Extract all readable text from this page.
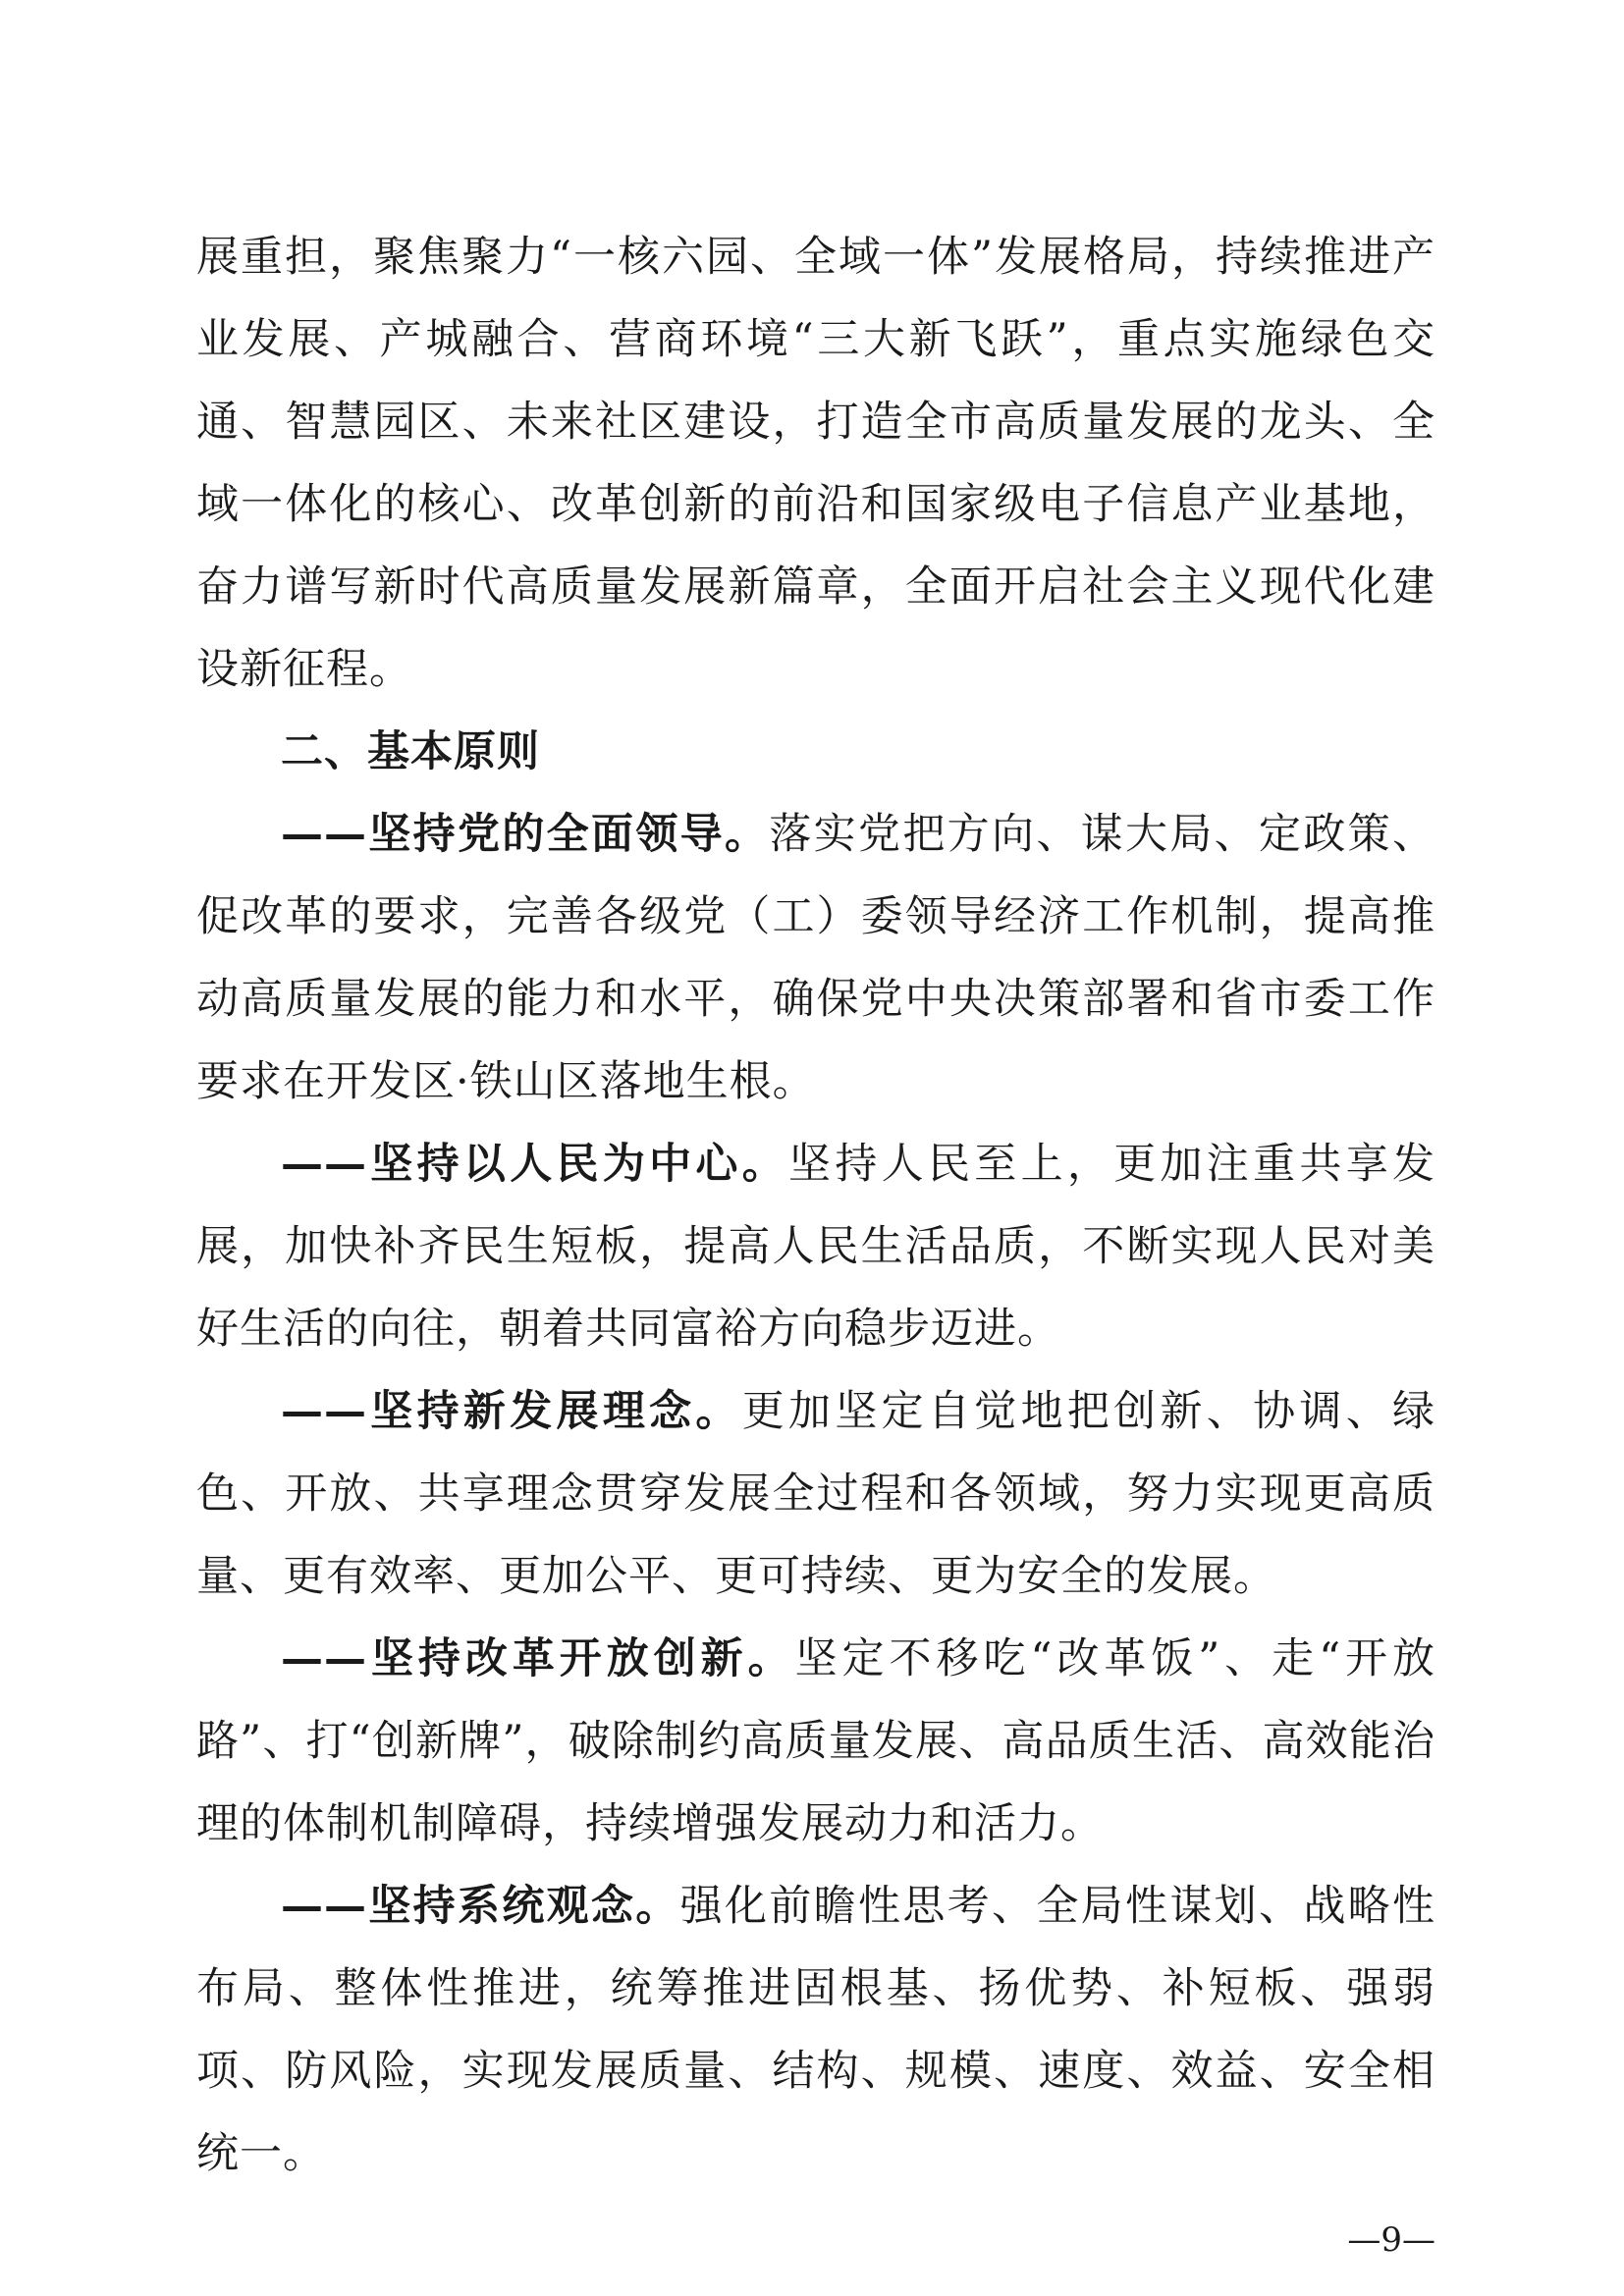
展重担，聚焦聚力“一核六园、全域一体”发展格局，持续推进产业发展、产城融合、营商环境“三大新飞跃”，重点实施绿色交通、智慧园区、未来社区建设，打造全市高质量发展的龙头、全域一体化的核心、改革创新的前沿和国家级电子信息产业基地，奋力谱写新时代高质量发展新篇章，全面开启社会主义现代化建设新征程。

二、基本原则

——坚持党的全面领导。落实党把方向、谋大局、定政策、促改革的要求，完善各级党（工）委领导经济工作机制，提高推动高质量发展的能力和水平，确保党中央决策部署和省市委工作要求在开发区·铁山区落地生根。

——坚持以人民为中心。坚持人民至上，更加注重共享发展，加快补齐民生短板，提高人民生活品质，不断实现人民对美好生活的向往，朝着共同富裕方向稳步迈进。

——坚持新发展理念。更加坚定自觉地把创新、协调、绿色、开放、共享理念贯穿发展全过程和各领域，努力实现更高质量、更有效率、更加公平、更可持续、更为安全的发展。

——坚持改革开放创新。坚定不移吃“改革饭”、走“开放路”、打“创新牌”，破除制约高质量发展、高品质生活、高效能治理的体制机制障碍，持续增强发展动力和活力。

——坚持系统观念。强化前瞻性思考、全局性谋划、战略性布局、整体性推进，统筹推进固根基、扬优势、补短板、强弱项、防风险，实现发展质量、结构、规模、速度、效益、安全相统一。

—9—
